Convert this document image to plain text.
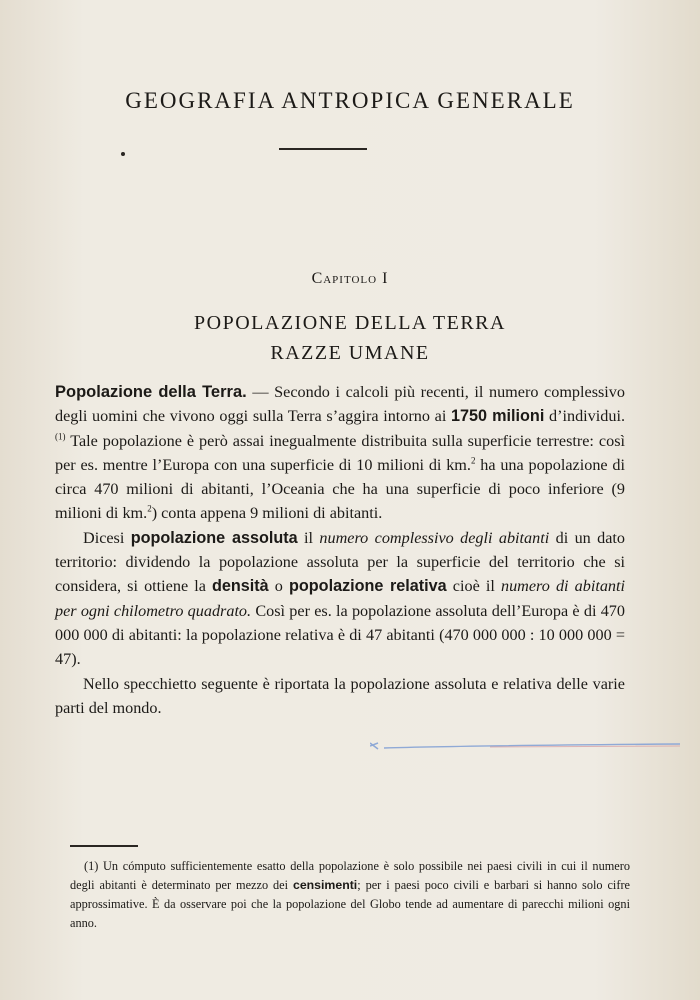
GEOGRAFIA ANTROPICA GENERALE
Capitolo I
POPOLAZIONE DELLA TERRA
RAZZE UMANE

Popolazione della Terra. — Secondo i calcoli più recenti, il numero complessivo degli uomini che vivono oggi sulla Terra s’aggira intorno ai 1750 milioni d’individui. $^{(1)}$ Tale popolazione è però assai inegualmente distribuita sulla superficie terrestre: così per es. mentre l’Europa con una superficie di 10 milioni di km.$^2$ ha una popolazione di circa 470 milioni di abitanti, l’Oceania che ha una superficie di poco inferiore (9 milioni di km.$^2$) conta appena 9 milioni di abitanti.

Dicesi popolazione assoluta il numero complessivo degli abitanti di un dato territorio: dividendo la popolazione assoluta per la superficie del territorio che si considera, si ottiene la densità o popolazione relativa cioè il numero di abitanti per ogni chilometro quadrato. Così per es. la popolazione assoluta dell’Europa è di 470 000 000 di abitanti: la popolazione relativa è di 47 abitanti (470 000 000 : 10 000 000 = 47).

Nello specchietto seguente è riportata la popolazione assoluta e relativa delle varie parti del mondo.

(1) Un cómputo sufficientemente esatto della popolazione è solo possibile nei paesi civili in cui il numero degli abitanti è determinato per mezzo dei censimenti; per i paesi poco civili e barbari si hanno solo cifre approssimative. È da osservare poi che la popolazione del Globo tende ad aumentare di parecchi milioni ogni anno.
